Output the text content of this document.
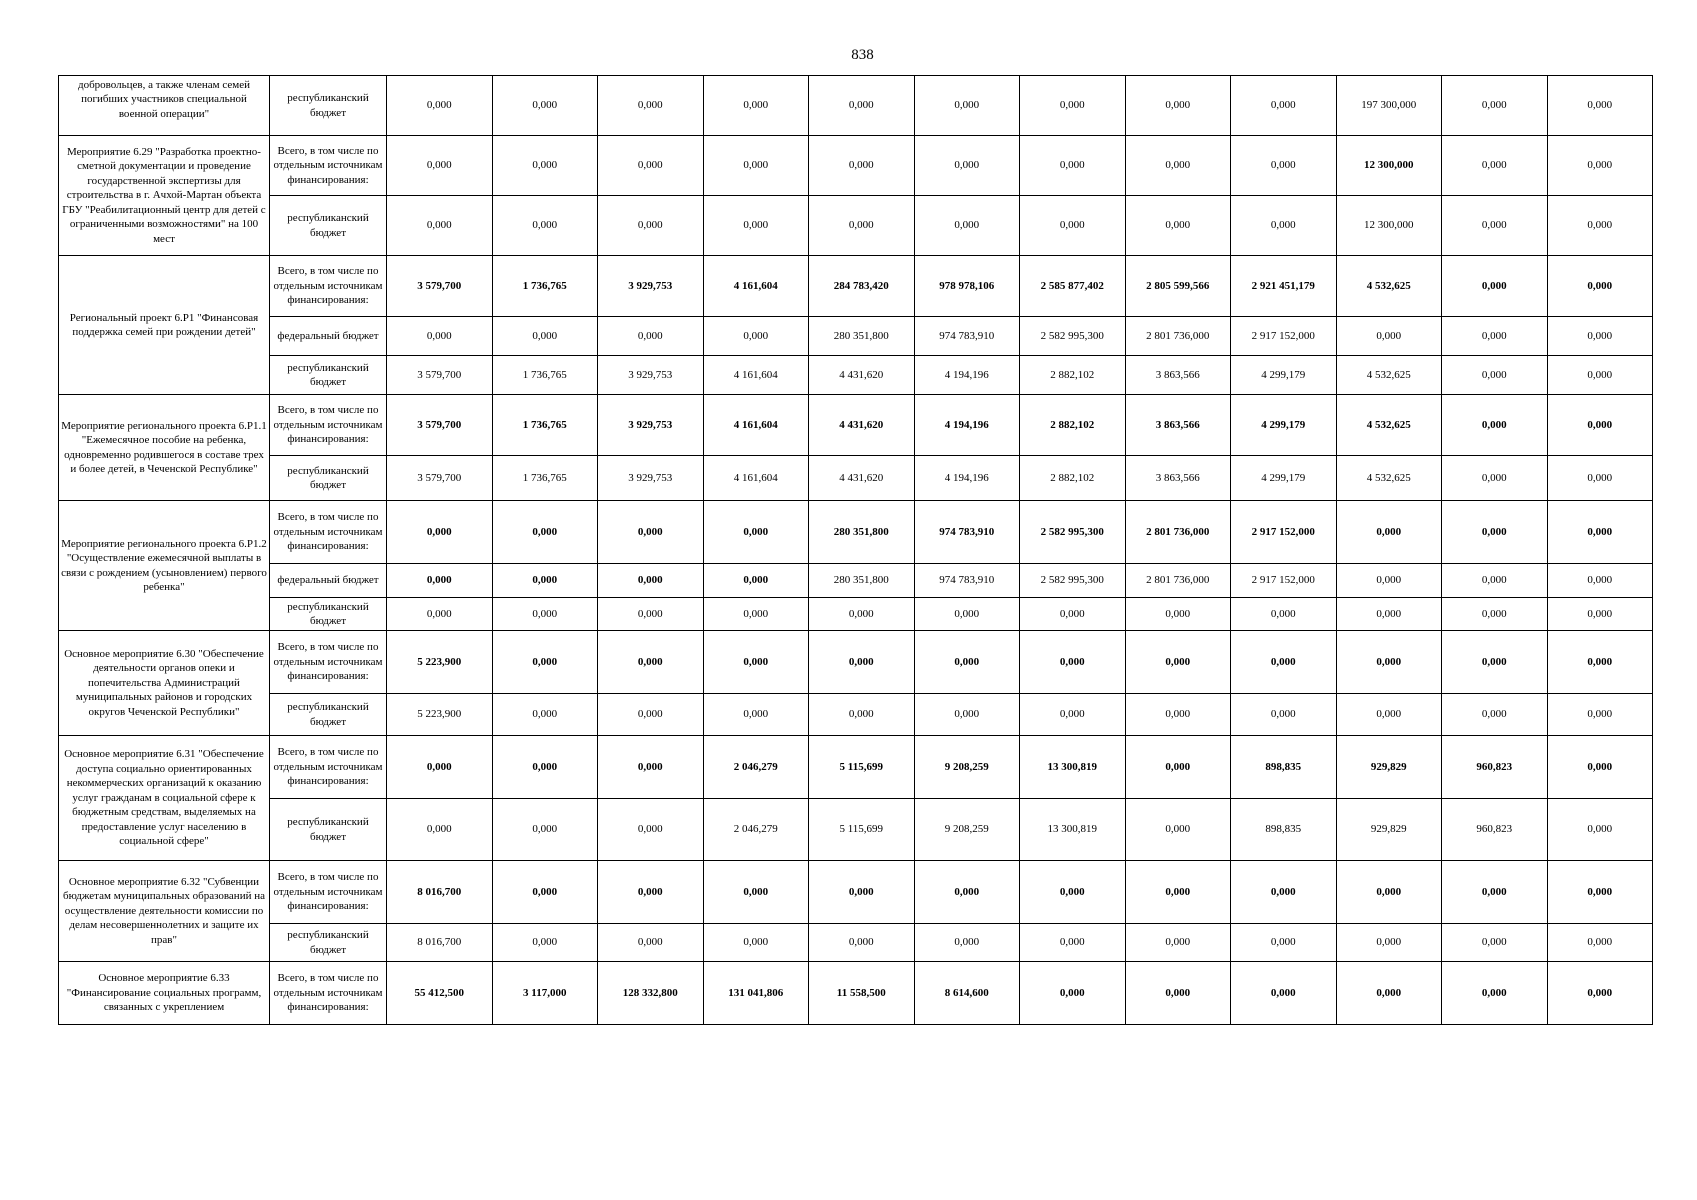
838
добровольцев, а также членам семей погибших участников специальной военной операции"	республиканский бюджет	0,000	0,000	0,000	0,000	0,000	0,000	0,000	0,000	0,000	197 300,000	0,000	0,000
Мероприятие 6.29 "Разработка проектно-сметной документации и проведение государственной экспертизы для строительства в г. Ачхой-Мартан объекта ГБУ "Реабилитационный центр для детей с ограниченными возможностями" на 100 мест	Всего, в том числе по отдельным источникам финансирования:	0,000	0,000	0,000	0,000	0,000	0,000	0,000	0,000	0,000	12 300,000	0,000	0,000
	республиканский бюджет	0,000	0,000	0,000	0,000	0,000	0,000	0,000	0,000	0,000	12 300,000	0,000	0,000
Региональный проект 6.Р1 "Финансовая поддержка семей при рождении детей"	Всего, в том числе по отдельным источникам финансирования:	3 579,700	1 736,765	3 929,753	4 161,604	284 783,420	978 978,106	2 585 877,402	2 805 599,566	2 921 451,179	4 532,625	0,000	0,000
	федеральный бюджет	0,000	0,000	0,000	0,000	280 351,800	974 783,910	2 582 995,300	2 801 736,000	2 917 152,000	0,000	0,000	0,000
	республиканский бюджет	3 579,700	1 736,765	3 929,753	4 161,604	4 431,620	4 194,196	2 882,102	3 863,566	4 299,179	4 532,625	0,000	0,000
Мероприятие регионального проекта 6.Р1.1 "Ежемесячное пособие на ребенка, одновременно родившегося в составе трех и более детей, в Чеченской Республике"	Всего, в том числе по отдельным источникам финансирования:	3 579,700	1 736,765	3 929,753	4 161,604	4 431,620	4 194,196	2 882,102	3 863,566	4 299,179	4 532,625	0,000	0,000
	республиканский бюджет	3 579,700	1 736,765	3 929,753	4 161,604	4 431,620	4 194,196	2 882,102	3 863,566	4 299,179	4 532,625	0,000	0,000
Мероприятие регионального проекта 6.Р1.2 "Осуществление ежемесячной выплаты в связи с рождением (усыновлением) первого ребенка"	Всего, в том числе по отдельным источникам финансирования:	0,000	0,000	0,000	0,000	280 351,800	974 783,910	2 582 995,300	2 801 736,000	2 917 152,000	0,000	0,000	0,000
	федеральный бюджет	0,000	0,000	0,000	0,000	280 351,800	974 783,910	2 582 995,300	2 801 736,000	2 917 152,000	0,000	0,000	0,000
	республиканский бюджет	0,000	0,000	0,000	0,000	0,000	0,000	0,000	0,000	0,000	0,000	0,000	0,000
Основное мероприятие 6.30 "Обеспечение деятельности органов опеки и попечительства Администраций муниципальных районов и городских округов Чеченской Республики"	Всего, в том числе по отдельным источникам финансирования:	5 223,900	0,000	0,000	0,000	0,000	0,000	0,000	0,000	0,000	0,000	0,000	0,000
	республиканский бюджет	5 223,900	0,000	0,000	0,000	0,000	0,000	0,000	0,000	0,000	0,000	0,000	0,000
Основное мероприятие 6.31 "Обеспечение доступа социально ориентированных некоммерческих организаций к оказанию услуг гражданам в социальной сфере к бюджетным средствам, выделяемых на предоставление услуг населению в социальной сфере"	Всего, в том числе по отдельным источникам финансирования:	0,000	0,000	0,000	2 046,279	5 115,699	9 208,259	13 300,819	0,000	898,835	929,829	960,823	0,000
	республиканский бюджет	0,000	0,000	0,000	2 046,279	5 115,699	9 208,259	13 300,819	0,000	898,835	929,829	960,823	0,000
Основное мероприятие 6.32 "Субвенции бюджетам муниципальных образований на осуществление деятельности комиссии по делам несовершеннолетних и защите их прав"	Всего, в том числе по отдельным источникам финансирования:	8 016,700	0,000	0,000	0,000	0,000	0,000	0,000	0,000	0,000	0,000	0,000	0,000
	республиканский бюджет	8 016,700	0,000	0,000	0,000	0,000	0,000	0,000	0,000	0,000	0,000	0,000	0,000
Основное мероприятие 6.33 "Финансирование социальных программ, связанных с укреплением	Всего, в том числе по отдельным источникам финансирования:	55 412,500	3 117,000	128 332,800	131 041,806	11 558,500	8 614,600	0,000	0,000	0,000	0,000	0,000	0,000
